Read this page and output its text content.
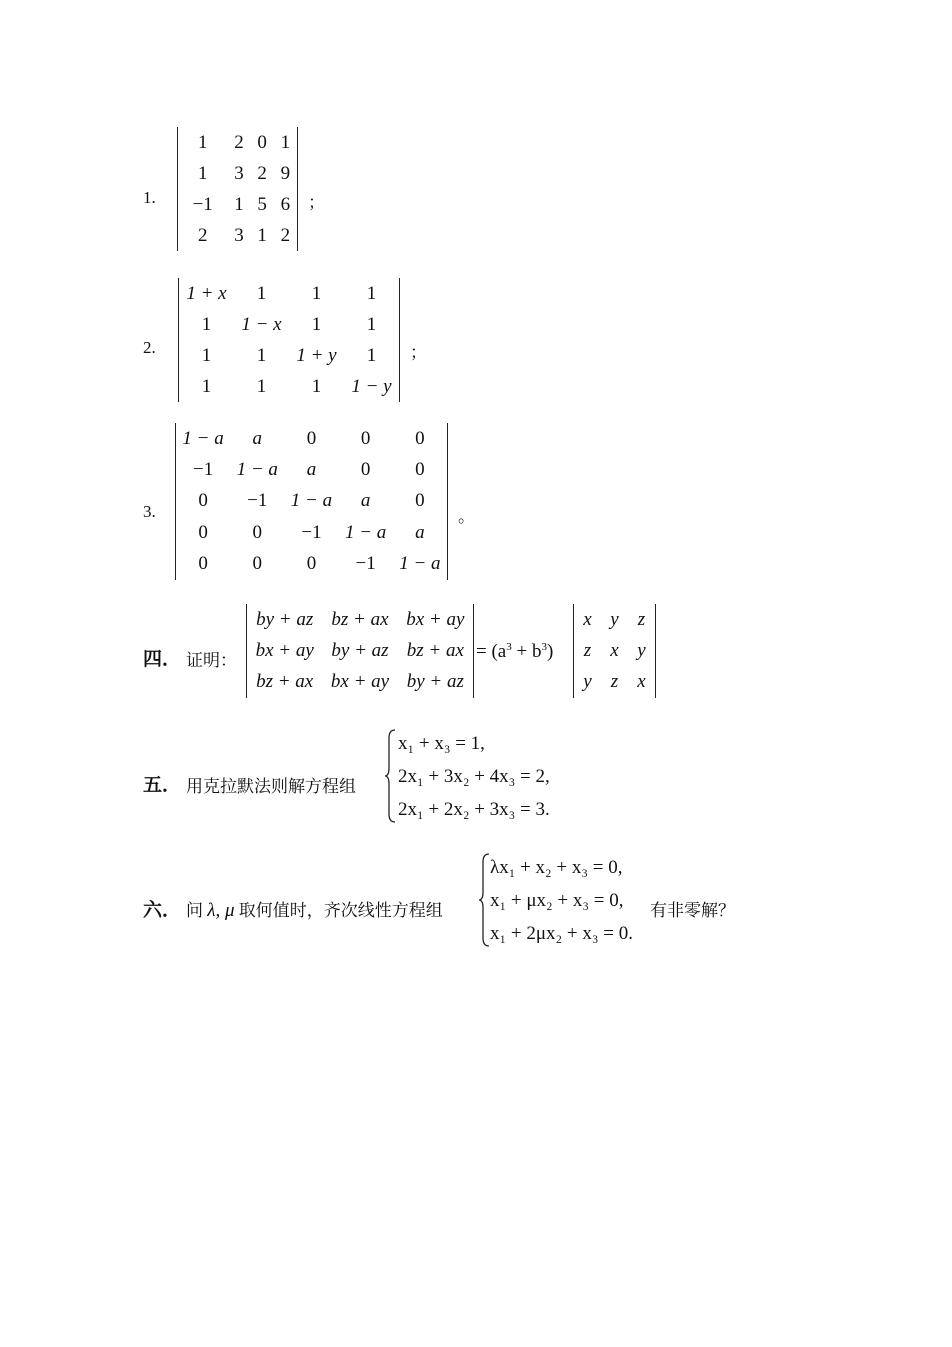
1.
1	2	0	1
1	3	2	9
−1	1	5	6
2	3	1	2
；
2.
1 + x	1	1	1
1	1 − x	1	1
1	1	1 + y	1
1	1	1	1 − y
；
3.
1 − a	a	0	0	0
−1	1 − a	a	0	0
0	−1	1 − a	a	0
0	0	−1	1 − a	a
0	0	0	−1	1 − a
。
四． 证明：
by + az	bz + ax	bx + ay
bx + ay	by + az	bz + ax
bz + ax	bx + ay	by + az
= $(a^3 + b^3)$
x	y	z
z	x	y
y	z	x
五． 用克拉默法则解方程组
x₁ + x₃ = 1,
2x₁ + 3x₂ + 4x₃ = 2,
2x₁ + 2x₂ + 3x₃ = 3.
六． 问 λ, μ 取何值时，齐次线性方程组
λx₁ + x₂ + x₃ = 0,
x₁ + μx₂ + x₃ = 0,
x₁ + 2μx₂ + x₃ = 0.
有非零解？
